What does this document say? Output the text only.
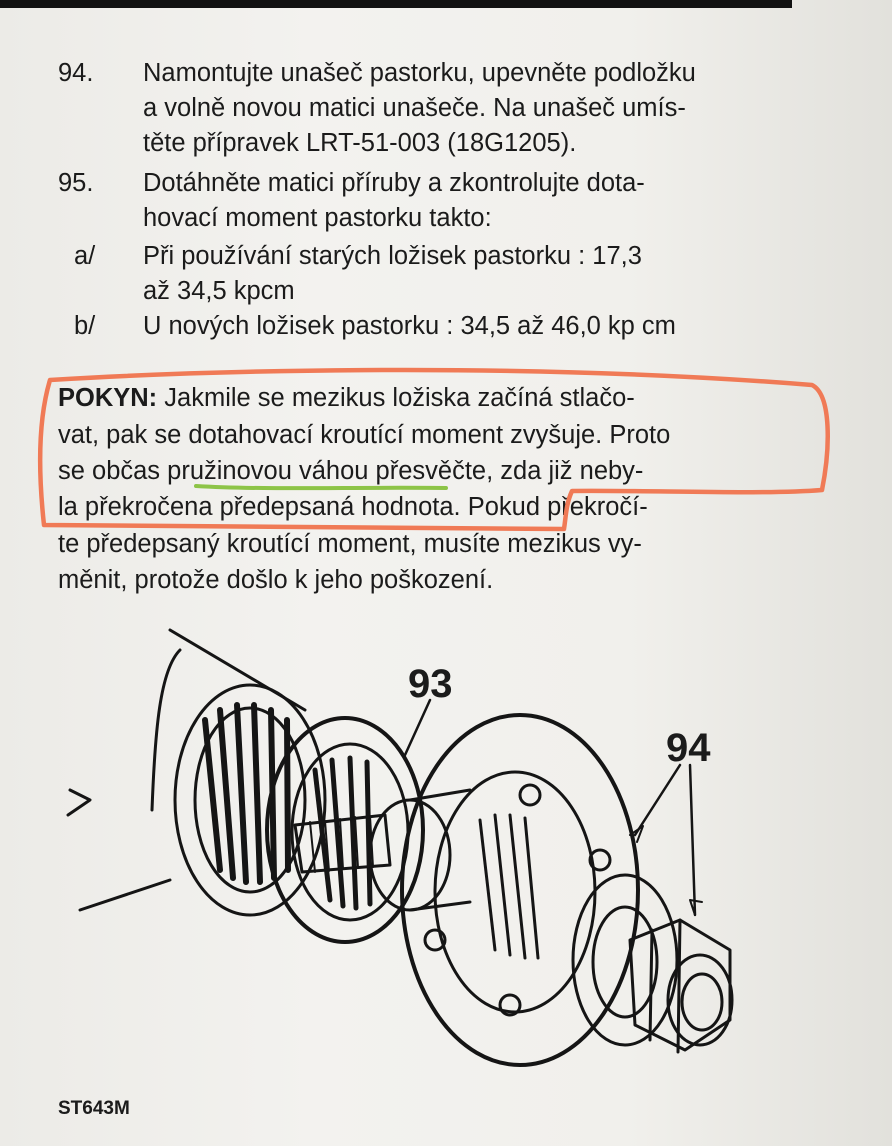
94. Namontujte unašeč pastorku, upevněte podložku
a volně novou matici unašeče. Na unašeč umís-
těte přípravek LRT-51-003 (18G1205).
95. Dotáhněte matici příruby a zkontrolujte dota-
hovací moment pastorku takto:
a/ Při používání starých ložisek pastorku : 17,3
až 34,5 kpcm
b/ U nových ložisek pastorku : 34,5 až 46,0 kp cm
POKYN: Jakmile se mezikus ložiska začíná stlačo-
vat, pak se dotahovací kroutící moment zvyšuje. Proto
se občas pružinovou váhou přesvěčte, zda již neby-
la překročena předepsaná hodnota. Pokud překročí-
te předepsaný kroutící moment, musíte mezikus vy-
měnit, protože došlo k jeho poškození.
93
94
ST643M
